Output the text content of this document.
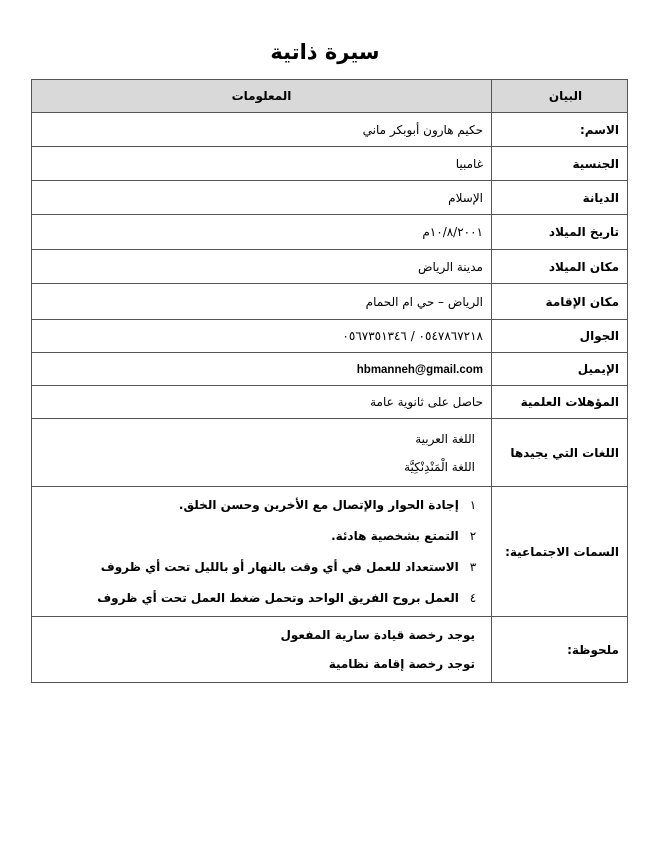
سيرة ذاتية
البيان	المعلومات
الاسم:	حكيم هارون أبوبكر ماني
الجنسية	غامبيا
الديانة	الإسلام
تاريخ الميلاد	١٠/٨/٢٠٠١م
مكان الميلاد	مدينة الرياض
مكان الإقامة	الرياض – حي ام الحمام
الجوال	٠٥٤٧٨٦٧٢١٨ / ٠٥٦٧٣٥١٣٤٦
الإيميل	hbmanneh@gmail.com
المؤهلات العلمية	حاصل على ثانوية عامة
اللغات التي يجيدها	اللغة العربية
اللغة الْمَنْدِنْكِيَّة

السمات الاجتماعية:	١ إجادة الحوار والإتصال مع الأخرين وحسن الخلق.
٢ التمتع بشخصية هادئة.
٣ الاستعداد للعمل في أي وقت بالنهار أو بالليل تحت أي ظروف
٤ العمل بروح الفريق الواحد وتحمل ضغط العمل تحت أي ظروف

ملحوظة:	يوجد رخصة قيادة سارية المفعول
توجد رخصة إقامة نظامية
